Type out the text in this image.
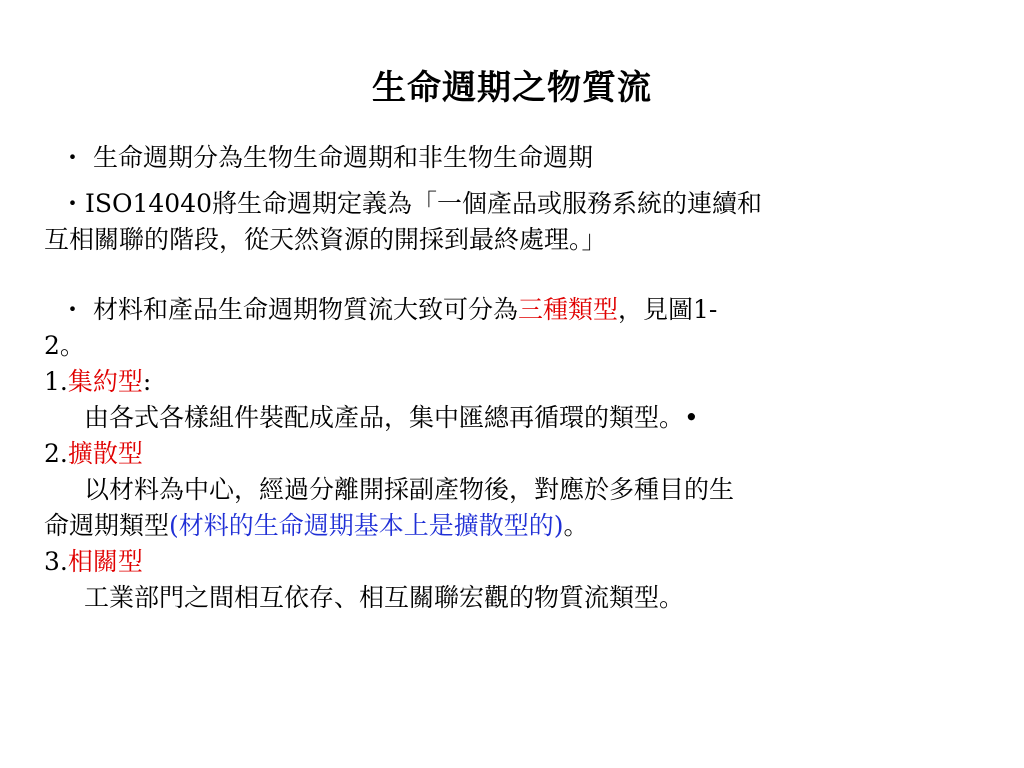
生命週期之物質流

・ 生命週期分為生物生命週期和非生物生命週期

・ISO14040將生命週期定義為「一個產品或服務系統的連續和

互相關聯的階段，從天然資源的開採到最終處理。」

・ 材料和產品生命週期物質流大致可分為三種類型，見圖1-

2。

1.集約型:

由各式各樣組件裝配成產品，集中匯總再循環的類型。•

2.擴散型

以材料為中心，經過分離開採副產物後，對應於多種目的生

命週期類型(材料的生命週期基本上是擴散型的)。

3.相關型

工業部門之間相互依存、相互關聯宏觀的物質流類型。
